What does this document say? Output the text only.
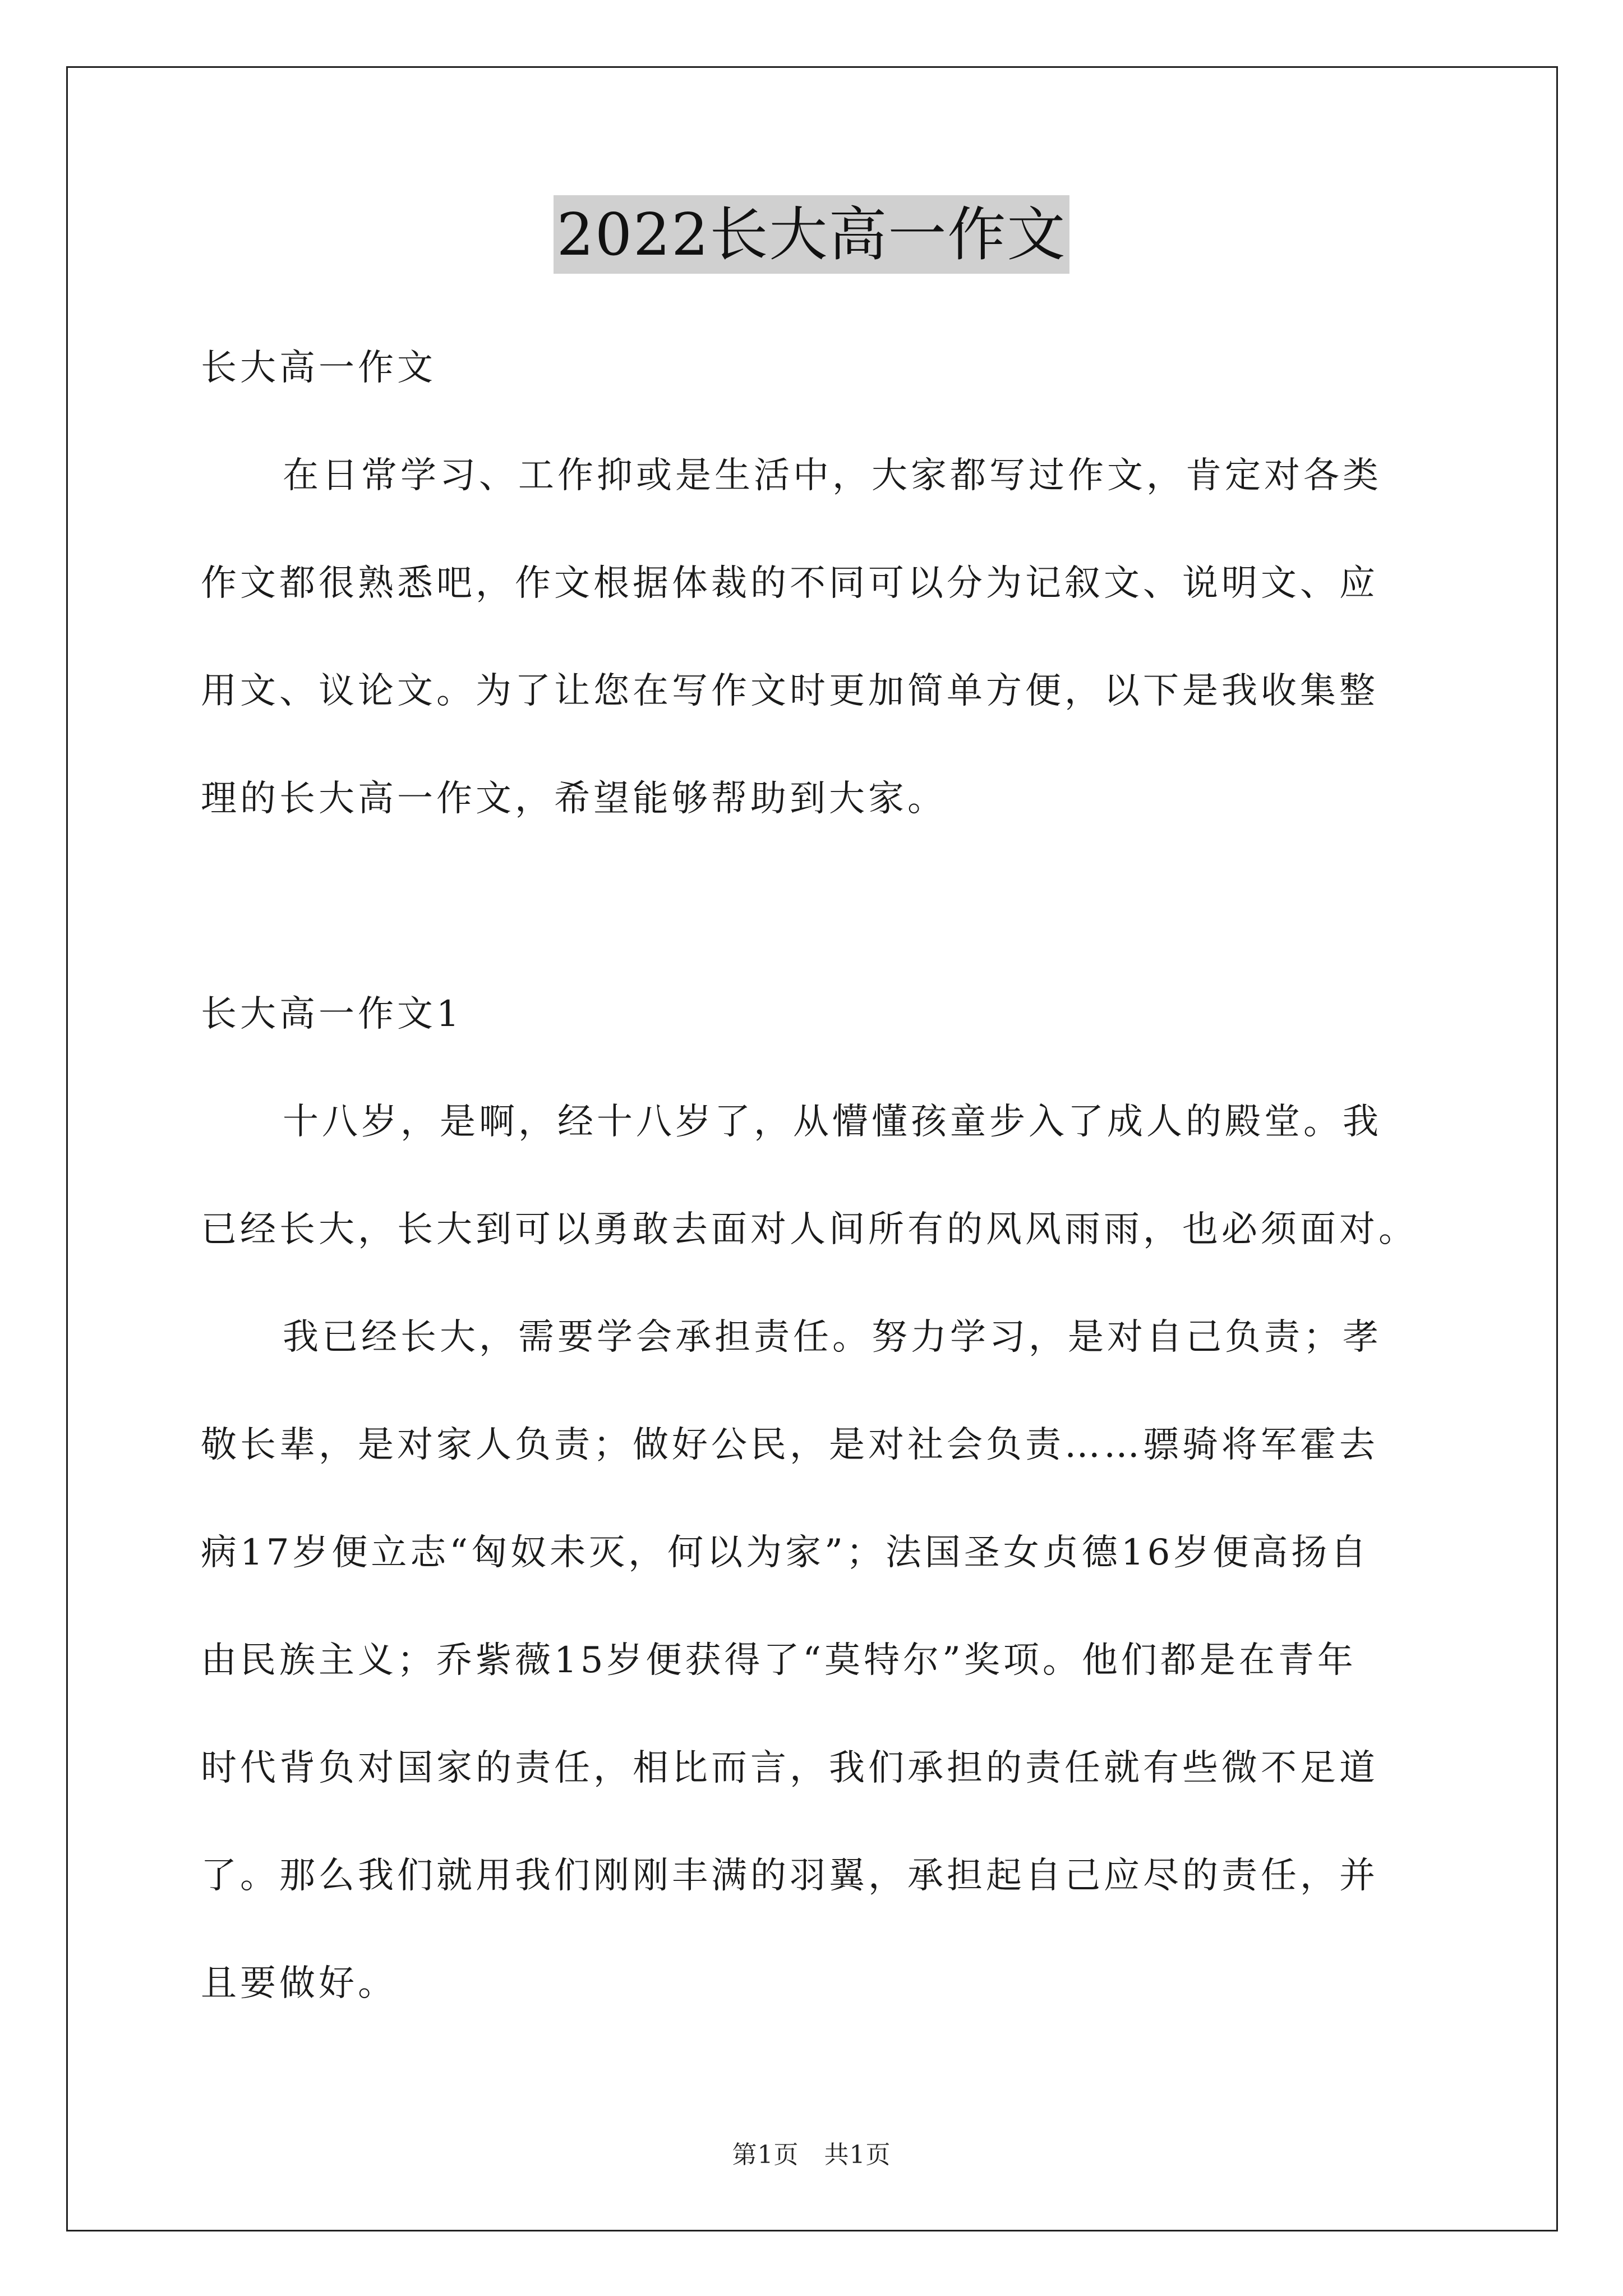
2022长大高一作文
长大高一作文
在日常学习、工作抑或是生活中，大家都写过作文，肯定对各类
作文都很熟悉吧，作文根据体裁的不同可以分为记叙文、说明文、应
用文、议论文。为了让您在写作文时更加简单方便，以下是我收集整
理的长大高一作文，希望能够帮助到大家。
长大高一作文1
十八岁，是啊，经十八岁了，从懵懂孩童步入了成人的殿堂。我
已经长大，长大到可以勇敢去面对人间所有的风风雨雨，也必须面对。
我已经长大，需要学会承担责任。努力学习，是对自己负责；孝
敬长辈，是对家人负责；做好公民，是对社会负责……骠骑将军霍去
病17岁便立志“匈奴未灭，何以为家”；法国圣女贞德16岁便高扬自
由民族主义；乔紫薇15岁便获得了“莫特尔”奖项。他们都是在青年
时代背负对国家的责任，相比而言，我们承担的责任就有些微不足道
了。那么我们就用我们刚刚丰满的羽翼，承担起自己应尽的责任，并
且要做好。
第1页　共1页
